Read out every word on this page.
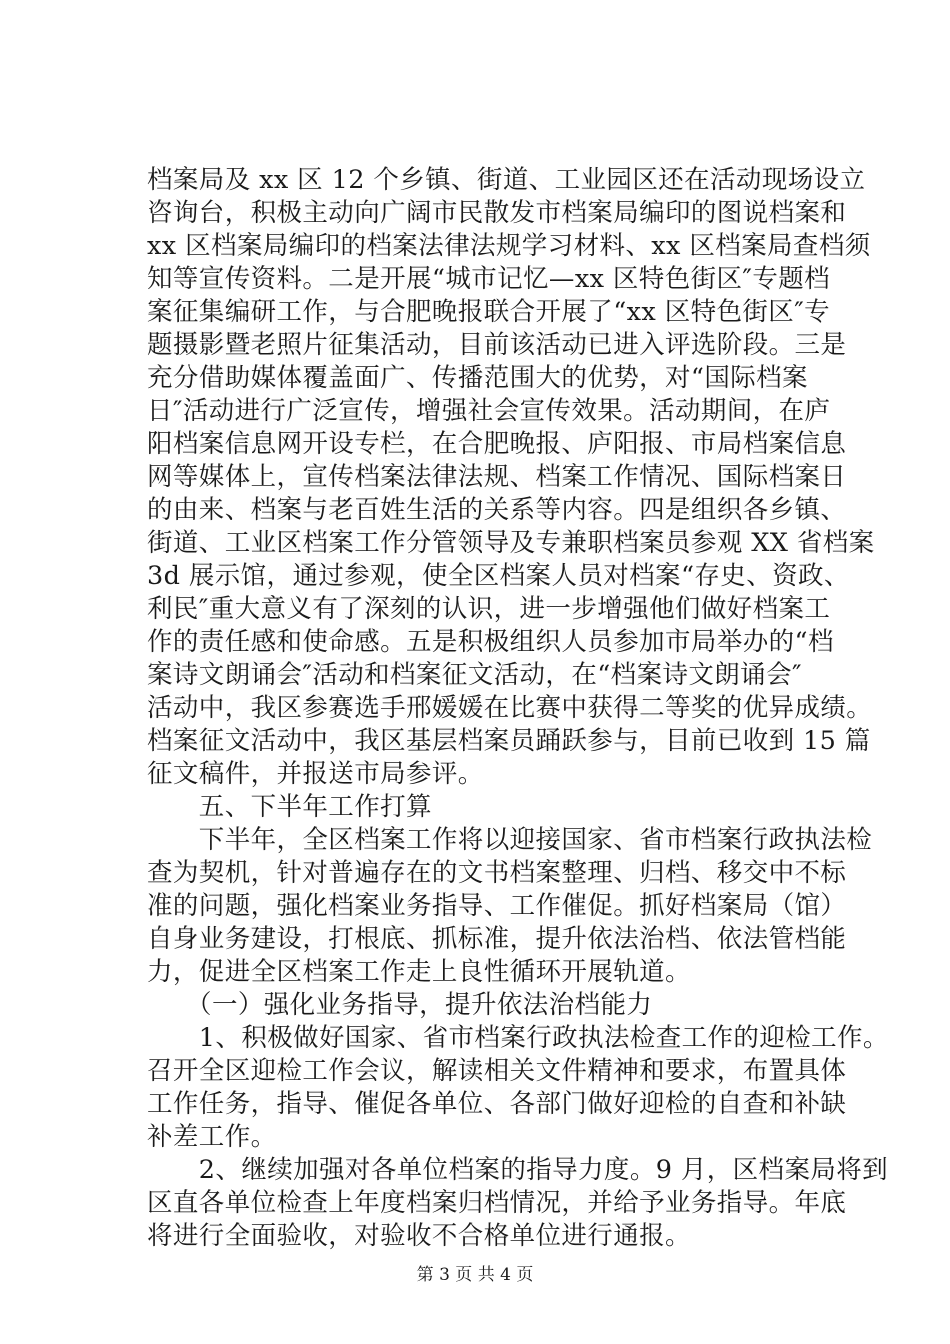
档案局及 xx 区 12 个乡镇、街道、工业园区还在活动现场设立
咨询台，积极主动向广阔市民散发市档案局编印的图说档案和
xx 区档案局编印的档案法律法规学习材料、xx 区档案局查档须
知等宣传资料。二是开展“城市记忆—xx 区特色街区″专题档
案征集编研工作，与合肥晚报联合开展了“xx 区特色街区″专
题摄影暨老照片征集活动，目前该活动已进入评选阶段。三是
充分借助媒体覆盖面广、传播范围大的优势，对“国际档案
日″活动进行广泛宣传，增强社会宣传效果。活动期间，在庐
阳档案信息网开设专栏，在合肥晚报、庐阳报、市局档案信息
网等媒体上，宣传档案法律法规、档案工作情况、国际档案日
的由来、档案与老百姓生活的关系等内容。四是组织各乡镇、
街道、工业区档案工作分管领导及专兼职档案员参观 XX 省档案
3d 展示馆，通过参观，使全区档案人员对档案“存史、资政、
利民″重大意义有了深刻的认识，进一步增强他们做好档案工
作的责任感和使命感。五是积极组织人员参加市局举办的“档
案诗文朗诵会″活动和档案征文活动，在“档案诗文朗诵会″
活动中，我区参赛选手邢媛媛在比赛中获得二等奖的优异成绩。
档案征文活动中，我区基层档案员踊跃参与，目前已收到 15 篇
征文稿件，并报送市局参评。
　　五、下半年工作打算
　　下半年，全区档案工作将以迎接国家、省市档案行政执法检
查为契机，针对普遍存在的文书档案整理、归档、移交中不标
准的问题，强化档案业务指导、工作催促。抓好档案局（馆）
自身业务建设，打根底、抓标准，提升依法治档、依法管档能
力，促进全区档案工作走上良性循环开展轨道。
　　（一）强化业务指导，提升依法治档能力
　　1、积极做好国家、省市档案行政执法检查工作的迎检工作。
召开全区迎检工作会议，解读相关文件精神和要求，布置具体
工作任务，指导、催促各单位、各部门做好迎检的自查和补缺
补差工作。
　　2、继续加强对各单位档案的指导力度。9 月，区档案局将到
区直各单位检查上年度档案归档情况，并给予业务指导。年底
将进行全面验收，对验收不合格单位进行通报。
第 3 页 共 4 页
